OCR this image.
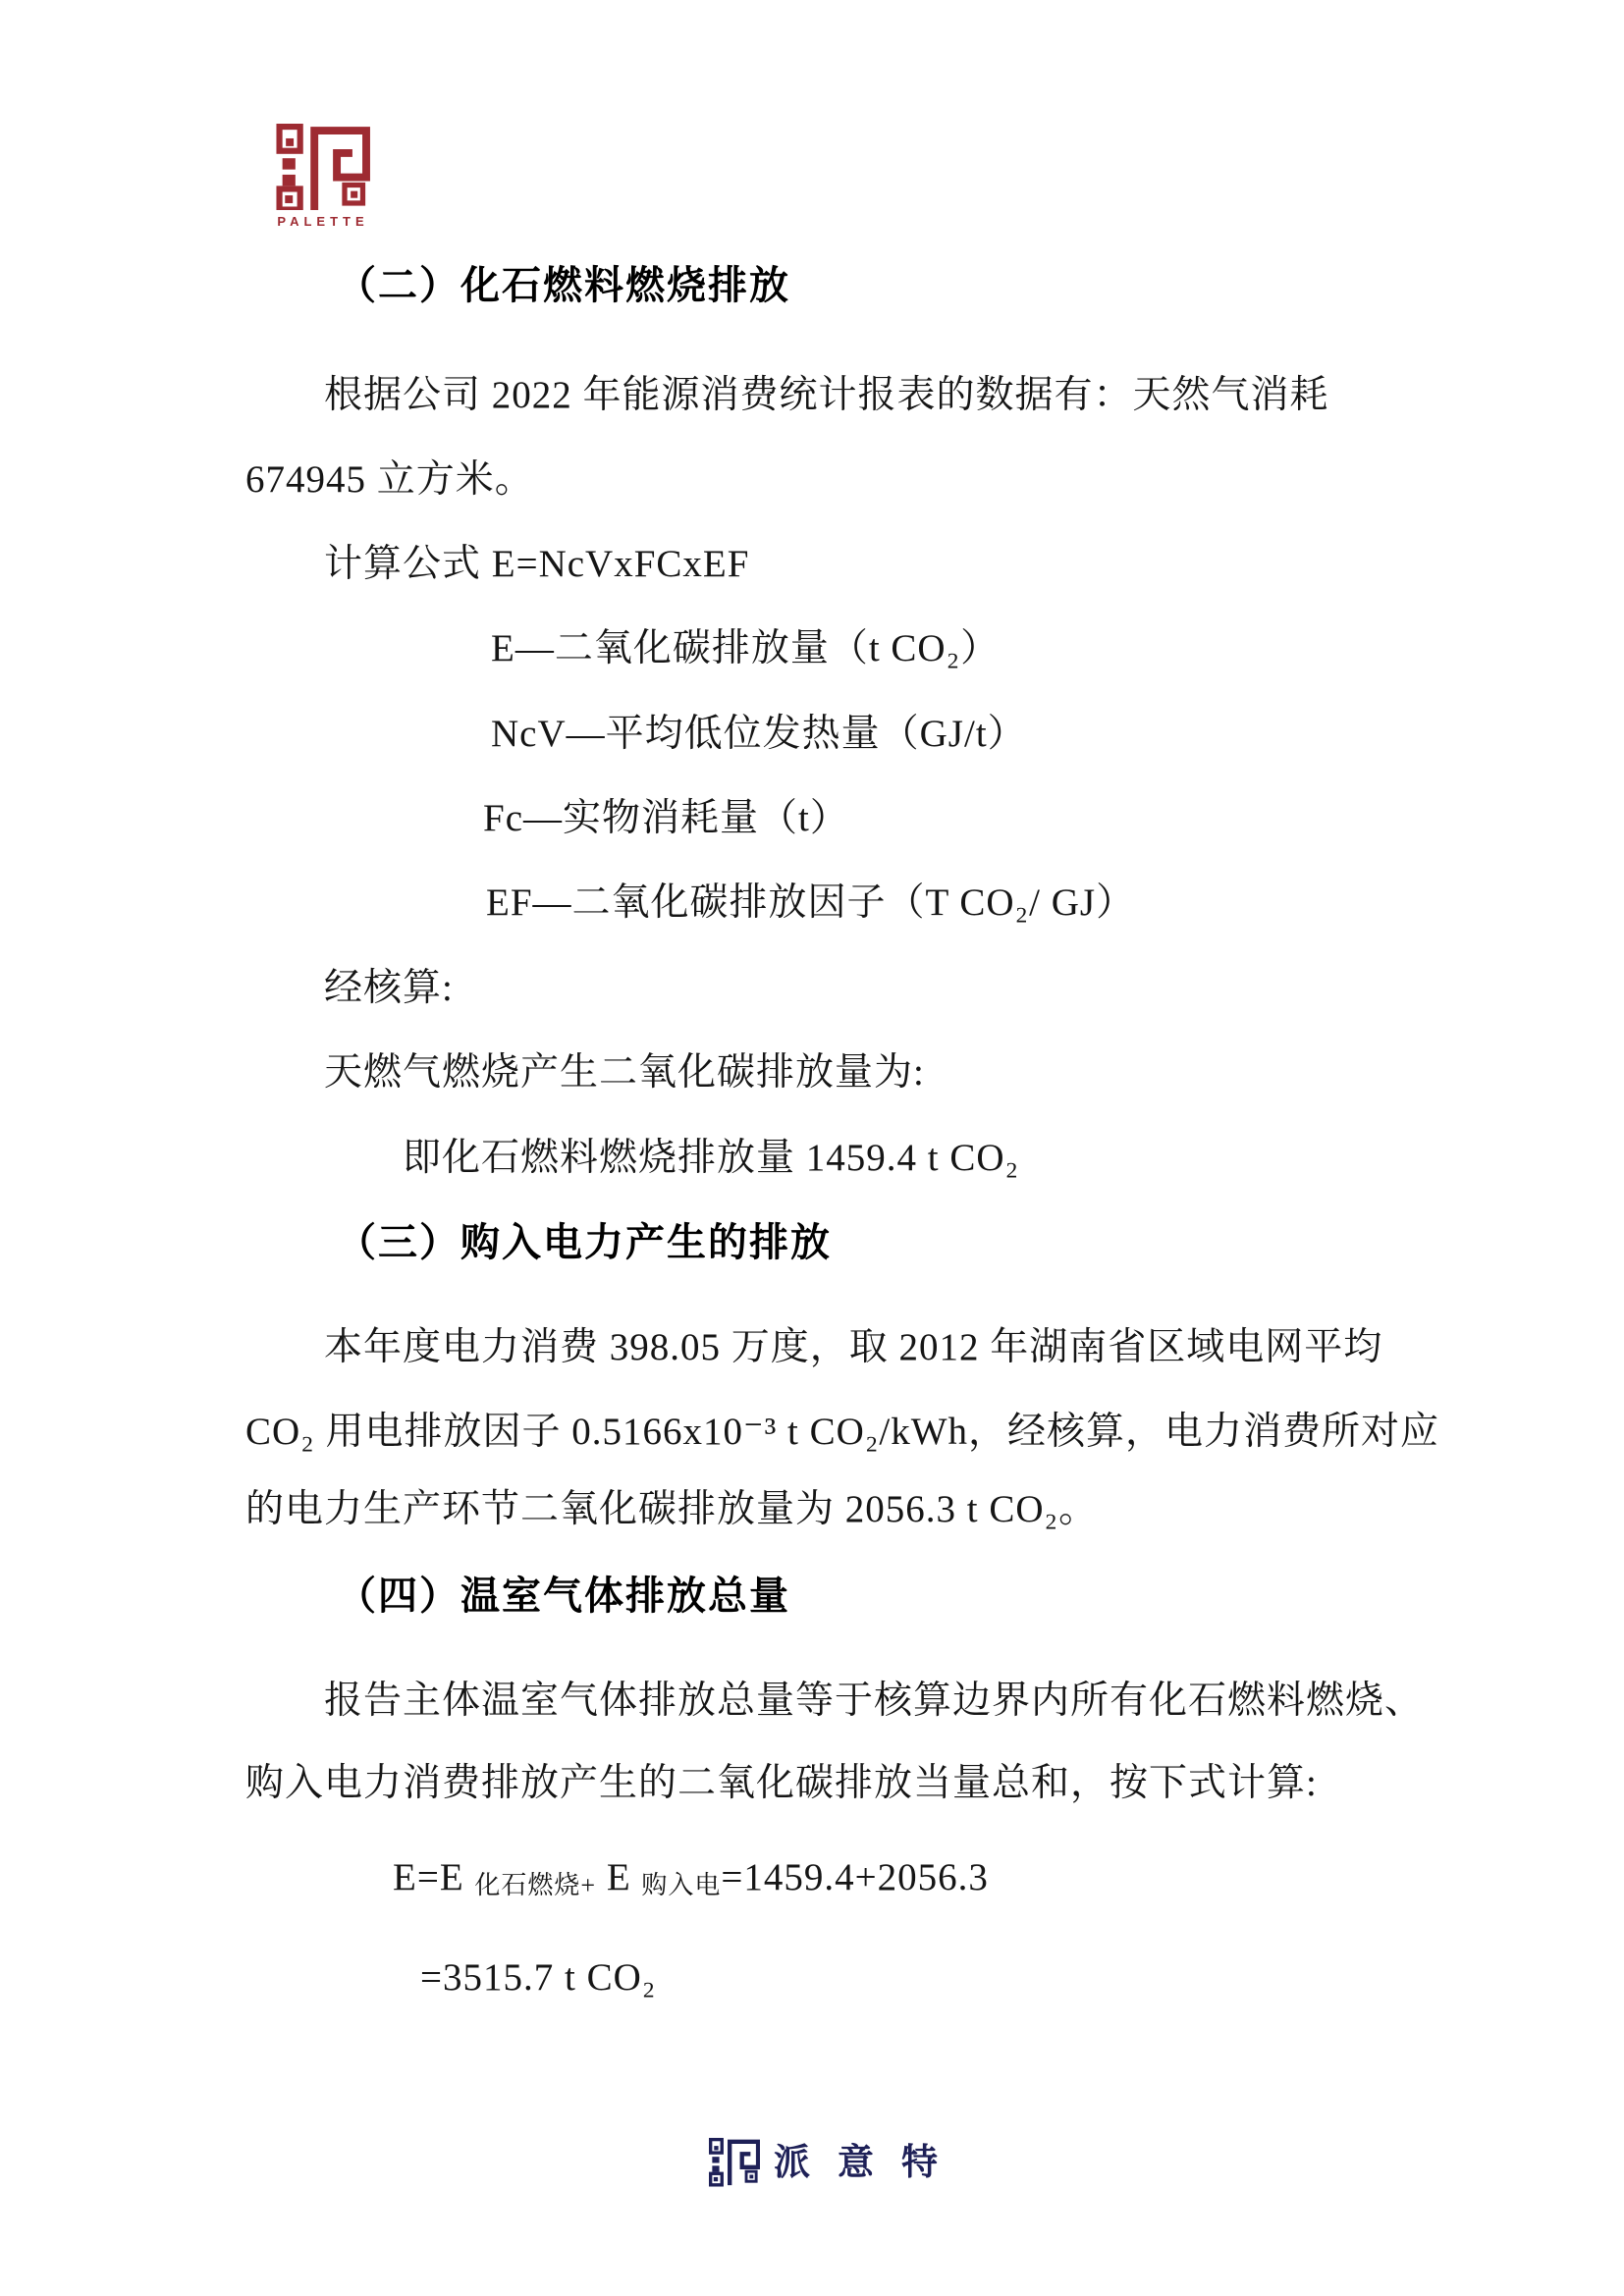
PALETTE
（二）化石燃料燃烧排放
根据公司 2022 年能源消费统计报表的数据有：天然气消耗
674945 立方米。
计算公式 E=NcVxFCxEF
E—二氧化碳排放量（t CO₂）
NcV—平均低位发热量（GJ/t）
Fc—实物消耗量（t）
EF—二氧化碳排放因子（T CO₂/ GJ）
经核算:
天燃气燃烧产生二氧化碳排放量为:
即化石燃料燃烧排放量 1459.4 t CO₂
（三）购入电力产生的排放
本年度电力消费 398.05 万度，取 2012 年湖南省区域电网平均
CO₂ 用电排放因子 0.5166x10⁻³ t CO₂/kWh，经核算，电力消费所对应
的电力生产环节二氧化碳排放量为 2056.3 t CO₂。
（四）温室气体排放总量
报告主体温室气体排放总量等于核算边界内所有化石燃料燃烧、
购入电力消费排放产生的二氧化碳排放当量总和，按下式计算:
E=E 化石燃烧+ E 购入电=1459.4+2056.3
=3515.7 t CO₂
派意特
